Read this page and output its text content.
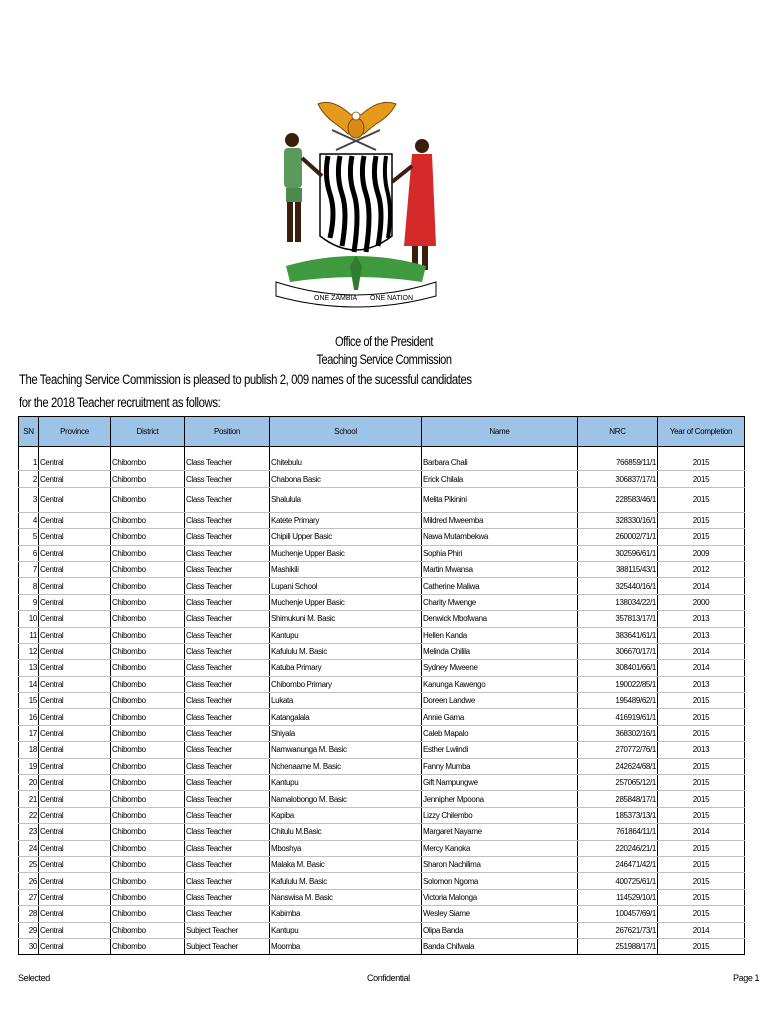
ONE ZAMBIA ONE NATION
Office of the President
Teaching Service Commission
The Teaching Service Commission is pleased to publish 2, 009 names of the sucessful candidates
for the 2018 Teacher recruitment as follows:
SN	Province	District	Position	School	Name	NRC	Year of Completion

1	Central	Chibombo	Class Teacher	Chitebulu	Barbara Chali	766859/11/1	2015
2	Central	Chibombo	Class Teacher	Chabona Basic	Erick Chilala	306837/17/1	2015
3	Central	Chibombo	Class Teacher	Shalulula	Melita Pikinini	228583/46/1	2015
4	Central	Chibombo	Class Teacher	Katete Primary	Mildred Mweemba	328330/16/1	2015
5	Central	Chibombo	Class Teacher	Chipili Upper Basic	Nawa Mutambekwa	260002/71/1	2015
6	Central	Chibombo	Class Teacher	Muchenje Upper Basic	Sophia Phiri	302596/61/1	2009
7	Central	Chibombo	Class Teacher	Mashikili	Martin Mwansa	388115/43/1	2012
8	Central	Chibombo	Class Teacher	Lupani School	Catherine Maliwa	325440/16/1	2014
9	Central	Chibombo	Class Teacher	Muchenje Upper Basic	Charity Mwenge	138034/22/1	2000
10	Central	Chibombo	Class Teacher	Shimukuni M. Basic	Denwick Mbofwana	357813/17/1	2013
11	Central	Chibombo	Class Teacher	Kantupu	Hellen Kanda	383641/61/1	2013
12	Central	Chibombo	Class Teacher	Kafululu M. Basic	Melinda Chilila	306670/17/1	2014
13	Central	Chibombo	Class Teacher	Katuba Primary	Sydney Mweene	308401/66/1	2014
14	Central	Chibombo	Class Teacher	Chibombo Primary	Kanunga Kawengo	190022/85/1	2013
15	Central	Chibombo	Class Teacher	Lukata	Doreen Landwe	195489/62/1	2015
16	Central	Chibombo	Class Teacher	Katangalala	Annie Gama	416919/61/1	2015
17	Central	Chibombo	Class Teacher	Shiyala	Caleb Mapalo	368302/16/1	2015
18	Central	Chibombo	Class Teacher	Namwanunga M. Basic	Esther Lwiindi	270772/76/1	2013
19	Central	Chibombo	Class Teacher	Nchenaame M. Basic	Fanny Mumba	242624/68/1	2015
20	Central	Chibombo	Class Teacher	Kantupu	Gift Nampungwe	257065/12/1	2015
21	Central	Chibombo	Class Teacher	Namalobongo M. Basic	Jennipher Mpoona	285848/17/1	2015
22	Central	Chibombo	Class Teacher	Kapiba	Lizzy Chilembo	185373/13/1	2015
23	Central	Chibombo	Class Teacher	Chitulu M.Basic	Margaret Nayame	761864/11/1	2014
24	Central	Chibombo	Class Teacher	Mboshya	Mercy Kanoka	220246/21/1	2015
25	Central	Chibombo	Class Teacher	Malaka M. Basic	Sharon Nachilima	246471/42/1	2015
26	Central	Chibombo	Class Teacher	Kafululu M. Basic	Solomon Ngoma	400725/61/1	2015
27	Central	Chibombo	Class Teacher	Nanswisa M. Basic	Victoria Malonga	114529/10/1	2015
28	Central	Chibombo	Class Teacher	Kabimba	Wesley Siame	100457/69/1	2015
29	Central	Chibombo	Subject Teacher	Kantupu	Olipa Banda	267621/73/1	2014
30	Central	Chibombo	Subject Teacher	Moomba	Banda Chifwala	251988/17/1	2015
Selected	Confidential	Page 1
